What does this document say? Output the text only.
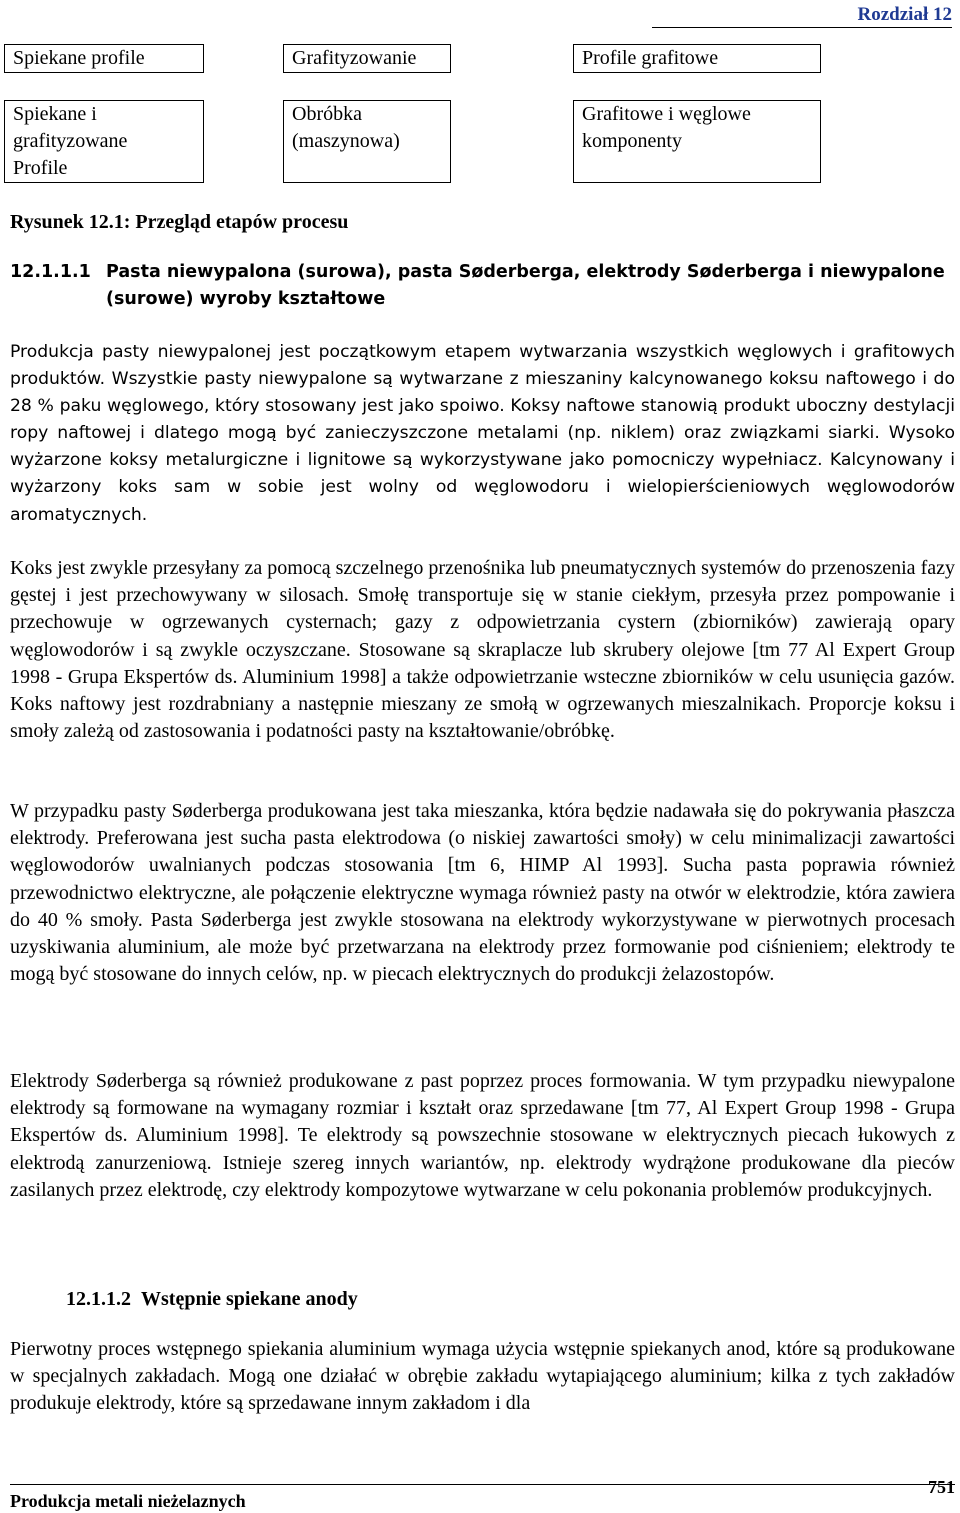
Rozdział 12
Spiekane profile	Grafityzowanie	Profile grafitowe
Spiekane i
grafityzowane
Profile
Obróbka
(maszynowa)
Grafitowe i węglowe
komponenty
Rysunek 12.1: Przegląd etapów procesu
12.1.1.1 Pasta niewypalona (surowa), pasta Søderberga, elektrody Søderberga i niewypalone (surowe) wyroby kształtowe
Produkcja pasty niewypalonej jest początkowym etapem wytwarzania wszystkich węglowych i grafitowych produktów. Wszystkie pasty niewypalone są wytwarzane z mieszaniny kalcynowanego koksu naftowego i do 28 % paku węglowego, który stosowany jest jako spoiwo. Koksy naftowe stanowią produkt uboczny destylacji ropy naftowej i dlatego mogą być zanieczyszczone metalami (np. niklem) oraz związkami siarki. Wysoko wyżarzone koksy metalurgiczne i lignitowe są wykorzystywane jako pomocniczy wypełniacz. Kalcynowany i wyżarzony koks sam w sobie jest wolny od węglowodoru i wielopierścieniowych węglowodorów aromatycznych.
Koks jest zwykle przesyłany za pomocą szczelnego przenośnika lub pneumatycznych systemów do przenoszenia fazy gęstej i jest przechowywany w silosach. Smołę transportuje się w stanie ciekłym, przesyła przez pompowanie i przechowuje w ogrzewanych cysternach; gazy z odpowietrzania cystern (zbiorników) zawierają opary węglowodorów i są zwykle oczyszczane. Stosowane są skraplacze lub skrubery olejowe [tm 77 Al Expert Group 1998 - Grupa Ekspertów ds. Aluminium 1998] a także odpowietrzanie wsteczne zbiorników w celu usunięcia gazów. Koks naftowy jest rozdrabniany a następnie mieszany ze smołą w ogrzewanych mieszalnikach. Proporcje koksu i smoły zależą od zastosowania i podatności pasty na kształtowanie/obróbkę.
W przypadku pasty Søderberga produkowana jest taka mieszanka, która będzie nadawała się do pokrywania płaszcza elektrody. Preferowana jest sucha pasta elektrodowa (o niskiej zawartości smoły) w celu minimalizacji zawartości węglowodorów uwalnianych podczas stosowania [tm 6, HIMP Al 1993]. Sucha pasta poprawia również przewodnictwo elektryczne, ale połączenie elektryczne wymaga również pasty na otwór w elektrodzie, która zawiera do 40 % smoły. Pasta Søderberga jest zwykle stosowana na elektrody wykorzystywane w pierwotnych procesach uzyskiwania aluminium, ale może być przetwarzana na elektrody przez formowanie pod ciśnieniem; elektrody te mogą być stosowane do innych celów, np. w piecach elektrycznych do produkcji żelazostopów.
Elektrody Søderberga są również produkowane z past poprzez proces formowania. W tym przypadku niewypalone elektrody są formowane na wymagany rozmiar i kształt oraz sprzedawane [tm 77, Al Expert Group 1998 - Grupa Ekspertów ds. Aluminium 1998]. Te elektrody są powszechnie stosowane w elektrycznych piecach łukowych z elektrodą zanurzeniową. Istnieje szereg innych wariantów, np. elektrody wydrążone produkowane dla pieców zasilanych przez elektrodę, czy elektrody kompozytowe wytwarzane w celu pokonania problemów produkcyjnych.
12.1.1.2 Wstępnie spiekane anody
Pierwotny proces wstępnego spiekania aluminium wymaga użycia wstępnie spiekanych anod, które są produkowane w specjalnych zakładach. Mogą one działać w obrębie zakładu wytapiającego aluminium; kilka z tych zakładów produkuje elektrody, które są sprzedawane innym zakładom i dla
Produkcja metali nieżelaznych
751
